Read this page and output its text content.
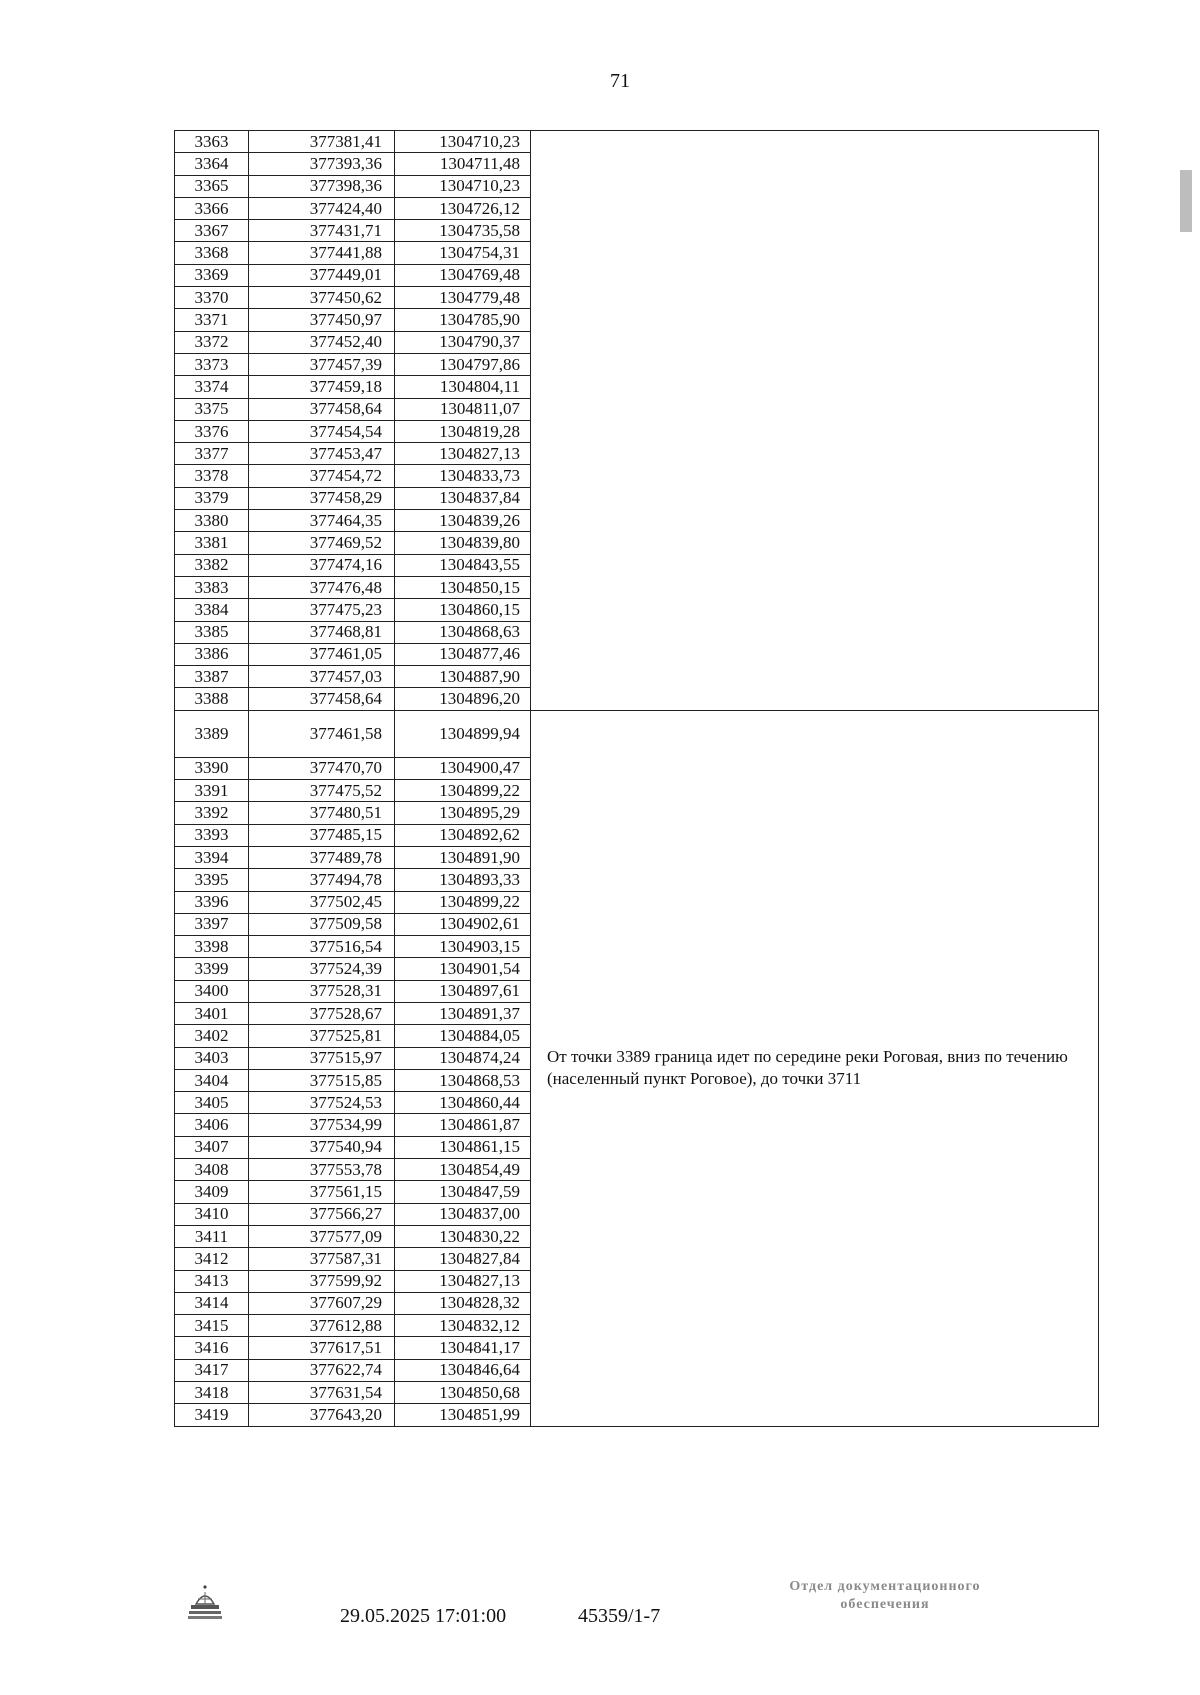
71
3363	377381,41	1304710,23	
3364	377393,36	1304711,48	
3365	377398,36	1304710,23	
3366	377424,40	1304726,12	
3367	377431,71	1304735,58	
3368	377441,88	1304754,31	
3369	377449,01	1304769,48	
3370	377450,62	1304779,48	
3371	377450,97	1304785,90	
3372	377452,40	1304790,37	
3373	377457,39	1304797,86	
3374	377459,18	1304804,11	
3375	377458,64	1304811,07	
3376	377454,54	1304819,28	
3377	377453,47	1304827,13	
3378	377454,72	1304833,73	
3379	377458,29	1304837,84	
3380	377464,35	1304839,26	
3381	377469,52	1304839,80	
3382	377474,16	1304843,55	
3383	377476,48	1304850,15	
3384	377475,23	1304860,15	
3385	377468,81	1304868,63	
3386	377461,05	1304877,46	
3387	377457,03	1304887,90	
3388	377458,64	1304896,20	
3389	377461,58	1304899,94	От точки 3389 граница идет по середине реки Роговая, вниз по течению (населенный пункт Роговое), до точки 3711
3390	377470,70	1304900,47	
3391	377475,52	1304899,22	
3392	377480,51	1304895,29	
3393	377485,15	1304892,62	
3394	377489,78	1304891,90	
3395	377494,78	1304893,33	
3396	377502,45	1304899,22	
3397	377509,58	1304902,61	
3398	377516,54	1304903,15	
3399	377524,39	1304901,54	
3400	377528,31	1304897,61	
3401	377528,67	1304891,37	
3402	377525,81	1304884,05	
3403	377515,97	1304874,24	
3404	377515,85	1304868,53	
3405	377524,53	1304860,44	
3406	377534,99	1304861,87	
3407	377540,94	1304861,15	
3408	377553,78	1304854,49	
3409	377561,15	1304847,59	
3410	377566,27	1304837,00	
3411	377577,09	1304830,22	
3412	377587,31	1304827,84	
3413	377599,92	1304827,13	
3414	377607,29	1304828,32	
3415	377612,88	1304832,12	
3416	377617,51	1304841,17	
3417	377622,74	1304846,64	
3418	377631,54	1304850,68	
3419	377643,20	1304851,99	
29.05.2025 17:01:00	45359/1-7
Отдел документационного
обеспечения
